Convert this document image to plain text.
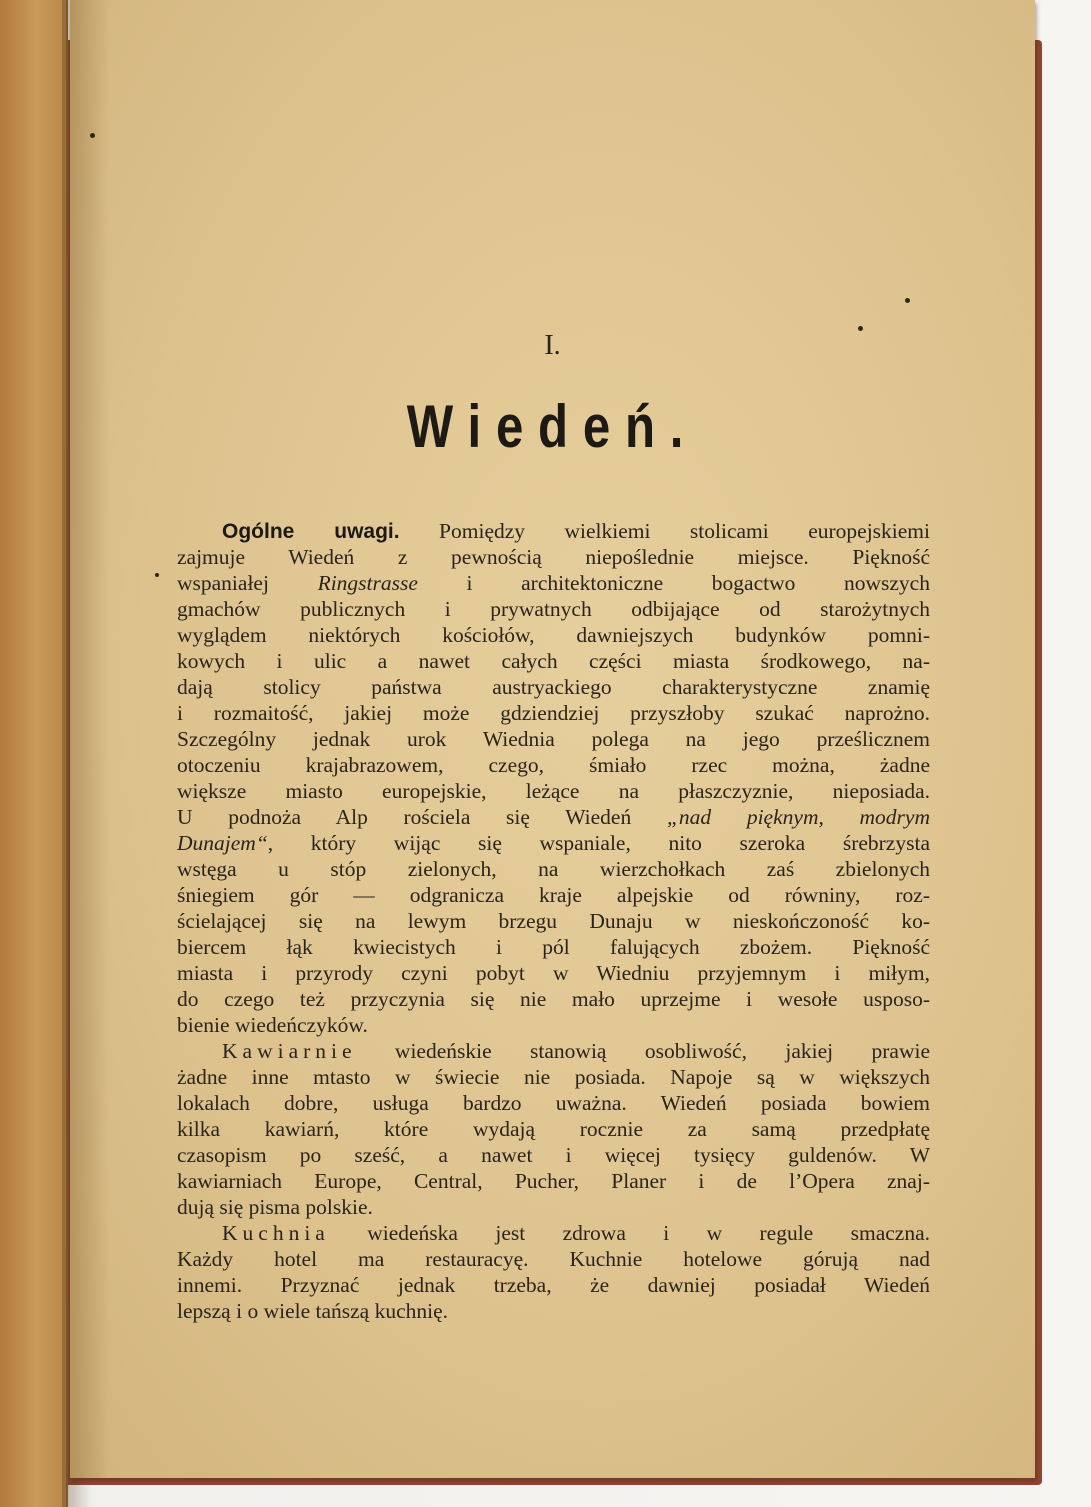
I.
Wiedeń.
Ogólne uwagi. Pomiędzy wielkiemi stolicami europejskiemi
zajmuje Wiedeń z pewnością niepoślednie miejsce. Piękność
wspaniałej Ringstrasse i architektoniczne bogactwo nowszych
gmachów publicznych i prywatnych odbijające od starożytnych
wyglądem niektórych kościołów, dawniejszych budynków pomni-
kowych i ulic a nawet całych części miasta środkowego, na-
dają stolicy państwa austryackiego charakterystyczne znamię
i rozmaitość, jakiej może gdziendziej przyszłoby szukać naprożno.
Szczególny jednak urok Wiednia polega na jego prześlicznem
otoczeniu krajabrazowem, czego, śmiało rzec można, żadne
większe miasto europejskie, leżące na płaszczyznie, nieposiada.
U podnoża Alp rościela się Wiedeń „nad pięknym, modrym
Dunajem“, który wijąc się wspaniale, nito szeroka śrebrzysta
wstęga u stóp zielonych, na wierzchołkach zaś zbielonych
śniegiem gór — odgranicza kraje alpejskie od równiny, roz-
ścielającej się na lewym brzegu Dunaju w nieskończoność ko-
biercem łąk kwiecistych i pól falujących zbożem. Piękność
miasta i przyrody czyni pobyt w Wiedniu przyjemnym i miłym,
do czego też przyczynia się nie mało uprzejme i wesołe usposo-
bienie wiedeńczyków.
Kawiarnie wiedeńskie stanowią osobliwość, jakiej prawie
żadne inne mtasto w świecie nie posiada. Napoje są w większych
lokalach dobre, usługa bardzo uważna. Wiedeń posiada bowiem
kilka kawiarń, które wydają rocznie za samą przedpłatę
czasopism po sześć, a nawet i więcej tysięcy guldenów. W
kawiarniach Europe, Central, Pucher, Planer i de l’Opera znaj-
dują się pisma polskie.
Kuchnia wiedeńska jest zdrowa i w regule smaczna.
Każdy hotel ma restauracyę. Kuchnie hotelowe górują nad
innemi. Przyznać jednak trzeba, że dawniej posiadał Wiedeń
lepszą i o wiele tańszą kuchnię.
